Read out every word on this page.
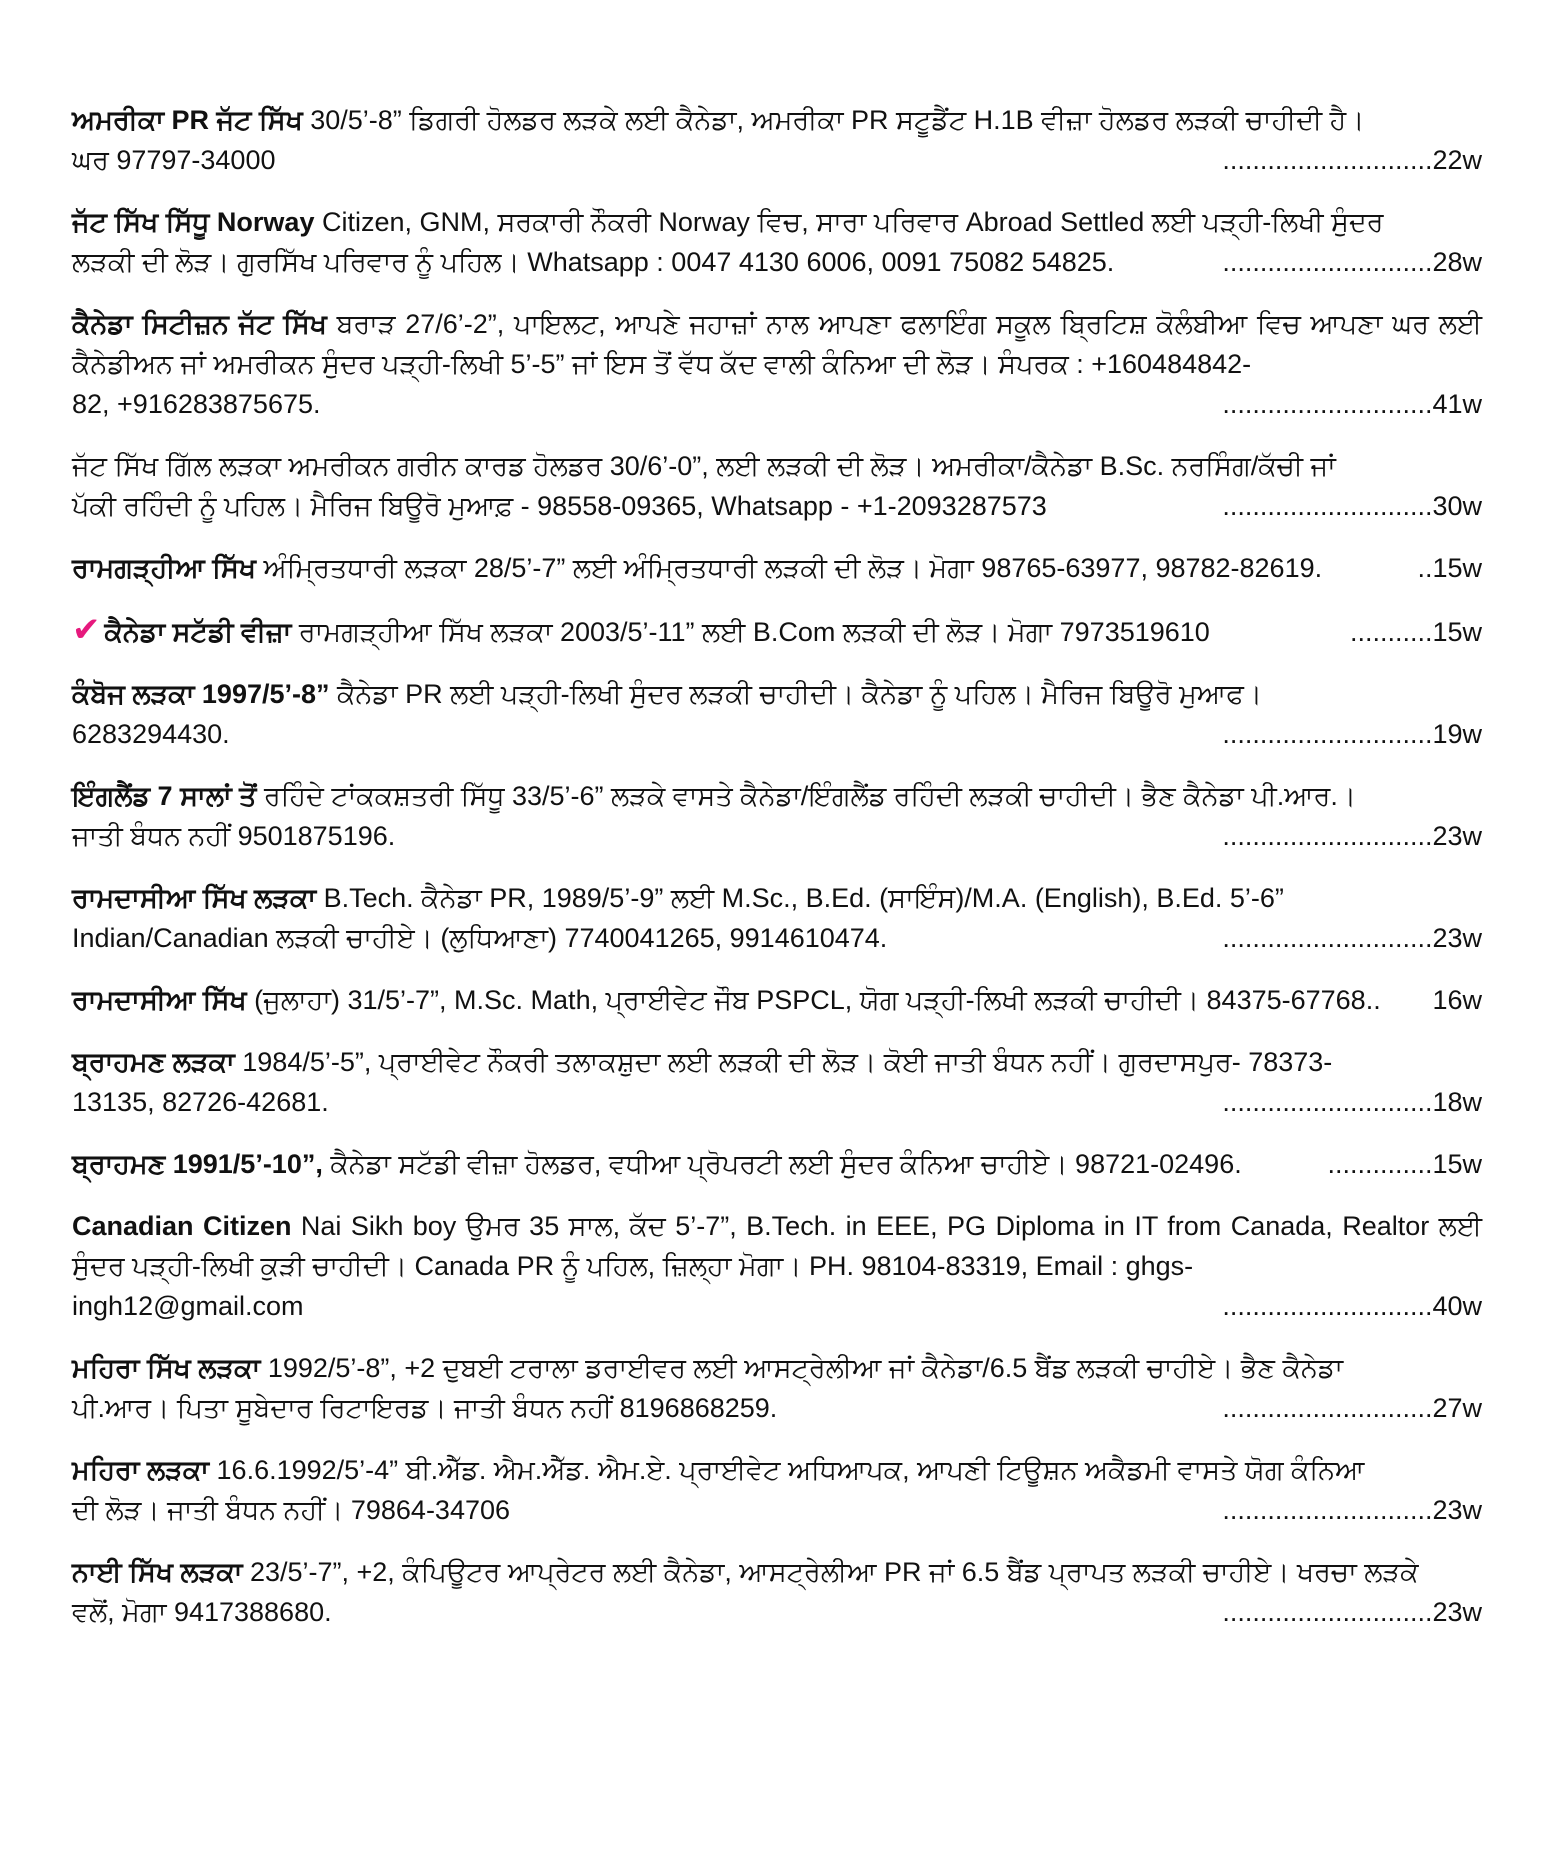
ਅਮਰੀਕਾ PR ਜੱਟ ਸਿੱਖ 30/5’-8” ਡਿਗਰੀ ਹੋਲਡਰ ਲੜਕੇ ਲਈ ਕੈਨੇਡਾ, ਅਮਰੀਕਾ PR ਸਟੂਡੈਂਟ H.1B ਵੀਜ਼ਾ ਹੋਲਡਰ ਲੜਕੀ ਚਾਹੀਦੀ ਹੈ।
ਘਰ 97797-34000	............................22w
ਜੱਟ ਸਿੱਖ ਸਿੱਧੂ Norway Citizen, GNM, ਸਰਕਾਰੀ ਨੌਕਰੀ Norway ਵਿਚ, ਸਾਰਾ ਪਰਿਵਾਰ Abroad Settled ਲਈ ਪੜ੍ਹੀ-ਲਿਖੀ ਸੁੰਦਰ
ਲੜਕੀ ਦੀ ਲੋੜ। ਗੁਰਸਿੱਖ ਪਰਿਵਾਰ ਨੂੰ ਪਹਿਲ। Whatsapp : 0047 4130 6006, 0091 75082 54825.	............................28w
ਕੈਨੇਡਾ ਸਿਟੀਜ਼ਨ ਜੱਟ ਸਿੱਖ ਬਰਾੜ 27/6’-2”, ਪਾਇਲਟ, ਆਪਣੇ ਜਹਾਜ਼ਾਂ ਨਾਲ ਆਪਣਾ ਫਲਾਇੰਗ ਸਕੂਲ ਬ੍ਰਿਟਿਸ਼ ਕੋਲੰਬੀਆ ਵਿਚ ਆਪਣਾ ਘਰ ਲਈ ਕੈਨੇਡੀਅਨ ਜਾਂ ਅਮਰੀਕਨ ਸੁੰਦਰ ਪੜ੍ਹੀ-ਲਿਖੀ 5’-5” ਜਾਂ ਇਸ ਤੋਂ ਵੱਧ ਕੱਦ ਵਾਲੀ ਕੰਨਿਆ ਦੀ ਲੋੜ। ਸੰਪਰਕ : +160484842-
82, +916283875675.	............................41w
ਜੱਟ ਸਿੱਖ ਗਿੱਲ ਲੜਕਾ ਅਮਰੀਕਨ ਗਰੀਨ ਕਾਰਡ ਹੋਲਡਰ 30/6’-0”, ਲਈ ਲੜਕੀ ਦੀ ਲੋੜ। ਅਮਰੀਕਾ/ਕੈਨੇਡਾ B.Sc. ਨਰਸਿੰਗ/ਕੱਚੀ ਜਾਂ
ਪੱਕੀ ਰਹਿੰਦੀ ਨੂੰ ਪਹਿਲ। ਮੈਰਿਜ ਬਿਊਰੋ ਮੁਆਫ਼ - 98558-09365, Whatsapp - +1-2093287573	............................30w
ਰਾਮਗੜ੍ਹੀਆ ਸਿੱਖ ਅੰਮ੍ਰਿਤਧਾਰੀ ਲੜਕਾ 28/5’-7” ਲਈ ਅੰਮ੍ਰਿਤਧਾਰੀ ਲੜਕੀ ਦੀ ਲੋੜ। ਮੋਗਾ 98765-63977, 98782-82619.	..15w
✔ ਕੈਨੇਡਾ ਸਟੱਡੀ ਵੀਜ਼ਾ ਰਾਮਗੜ੍ਹੀਆ ਸਿੱਖ ਲੜਕਾ 2003/5’-11” ਲਈ B.Com ਲੜਕੀ ਦੀ ਲੋੜ। ਮੋਗਾ 7973519610	...........15w
ਕੰਬੋਜ ਲੜਕਾ 1997/5’-8” ਕੈਨੇਡਾ PR ਲਈ ਪੜ੍ਹੀ-ਲਿਖੀ ਸੁੰਦਰ ਲੜਕੀ ਚਾਹੀਦੀ। ਕੈਨੇਡਾ ਨੂੰ ਪਹਿਲ। ਮੈਰਿਜ ਬਿਊਰੋ ਮੁਆਫ।
6283294430.	............................19w
ਇੰਗਲੈਂਡ 7 ਸਾਲਾਂ ਤੋਂ ਰਹਿੰਦੇ ਟਾਂਕਕਸ਼ਤਰੀ ਸਿੱਧੂ 33/5’-6” ਲੜਕੇ ਵਾਸਤੇ ਕੈਨੇਡਾ/ਇੰਗਲੈਂਡ ਰਹਿੰਦੀ ਲੜਕੀ ਚਾਹੀਦੀ। ਭੈਣ ਕੈਨੇਡਾ ਪੀ.ਆਰ.।
ਜਾਤੀ ਬੰਧਨ ਨਹੀਂ 9501875196.	............................23w
ਰਾਮਦਾਸੀਆ ਸਿੱਖ ਲੜਕਾ B.Tech. ਕੈਨੇਡਾ PR, 1989/5’-9” ਲਈ M.Sc., B.Ed. (ਸਾਇੰਸ)/M.A. (English), B.Ed. 5’-6”
Indian/Canadian ਲੜਕੀ ਚਾਹੀਏ। (ਲੁਧਿਆਣਾ) 7740041265, 9914610474.	............................23w
ਰਾਮਦਾਸੀਆ ਸਿੱਖ (ਜੁਲਾਹਾ) 31/5’-7”, M.Sc. Math, ਪ੍ਰਾਈਵੇਟ ਜੌਬ PSPCL, ਯੋਗ ਪੜ੍ਹੀ-ਲਿਖੀ ਲੜਕੀ ਚਾਹੀਦੀ। 84375-67768..	16w
ਬ੍ਰਾਹਮਣ ਲੜਕਾ 1984/5’-5”, ਪ੍ਰਾਈਵੇਟ ਨੌਕਰੀ ਤਲਾਕਸ਼ੁਦਾ ਲਈ ਲੜਕੀ ਦੀ ਲੋੜ। ਕੋਈ ਜਾਤੀ ਬੰਧਨ ਨਹੀਂ। ਗੁਰਦਾਸਪੁਰ- 78373-
13135, 82726-42681.	............................18w
ਬ੍ਰਾਹਮਣ 1991/5’-10”, ਕੈਨੇਡਾ ਸਟੱਡੀ ਵੀਜ਼ਾ ਹੋਲਡਰ, ਵਧੀਆ ਪ੍ਰੋਪਰਟੀ ਲਈ ਸੁੰਦਰ ਕੰਨਿਆ ਚਾਹੀਏ। 98721-02496.	..............15w
Canadian Citizen Nai Sikh boy ਉਮਰ 35 ਸਾਲ, ਕੱਦ 5’-7”, B.Tech. in EEE, PG Diploma in IT from Canada, Realtor ਲਈ ਸੁੰਦਰ ਪੜ੍ਹੀ-ਲਿਖੀ ਕੁੜੀ ਚਾਹੀਦੀ। Canada PR ਨੂੰ ਪਹਿਲ, ਜ਼ਿਲ੍ਹਾ ਮੋਗਾ। PH. 98104-83319, Email : ghgs-
ingh12@gmail.com	............................40w
ਮਹਿਰਾ ਸਿੱਖ ਲੜਕਾ 1992/5’-8”, +2 ਦੁਬਈ ਟਰਾਲਾ ਡਰਾਈਵਰ ਲਈ ਆਸਟ੍ਰੇਲੀਆ ਜਾਂ ਕੈਨੇਡਾ/6.5 ਬੈਂਡ ਲੜਕੀ ਚਾਹੀਏ। ਭੈਣ ਕੈਨੇਡਾ
ਪੀ.ਆਰ। ਪਿਤਾ ਸੂਬੇਦਾਰ ਰਿਟਾਇਰਡ। ਜਾਤੀ ਬੰਧਨ ਨਹੀਂ 8196868259.	............................27w
ਮਹਿਰਾ ਲੜਕਾ 16.6.1992/5’-4” ਬੀ.ਐੱਡ. ਐਮ.ਐੱਡ. ਐਮ.ਏ. ਪ੍ਰਾਈਵੇਟ ਅਧਿਆਪਕ, ਆਪਣੀ ਟਿਊਸ਼ਨ ਅਕੈਡਮੀ ਵਾਸਤੇ ਯੋਗ ਕੰਨਿਆ
ਦੀ ਲੋੜ। ਜਾਤੀ ਬੰਧਨ ਨਹੀਂ। 79864-34706	............................23w
ਨਾਈ ਸਿੱਖ ਲੜਕਾ 23/5’-7”, +2, ਕੰਪਿਊਟਰ ਆਪ੍ਰੇਟਰ ਲਈ ਕੈਨੇਡਾ, ਆਸਟ੍ਰੇਲੀਆ PR ਜਾਂ 6.5 ਬੈਂਡ ਪ੍ਰਾਪਤ ਲੜਕੀ ਚਾਹੀਏ। ਖਰਚਾ ਲੜਕੇ
ਵਲੋਂ, ਮੋਗਾ 9417388680.	............................23w
